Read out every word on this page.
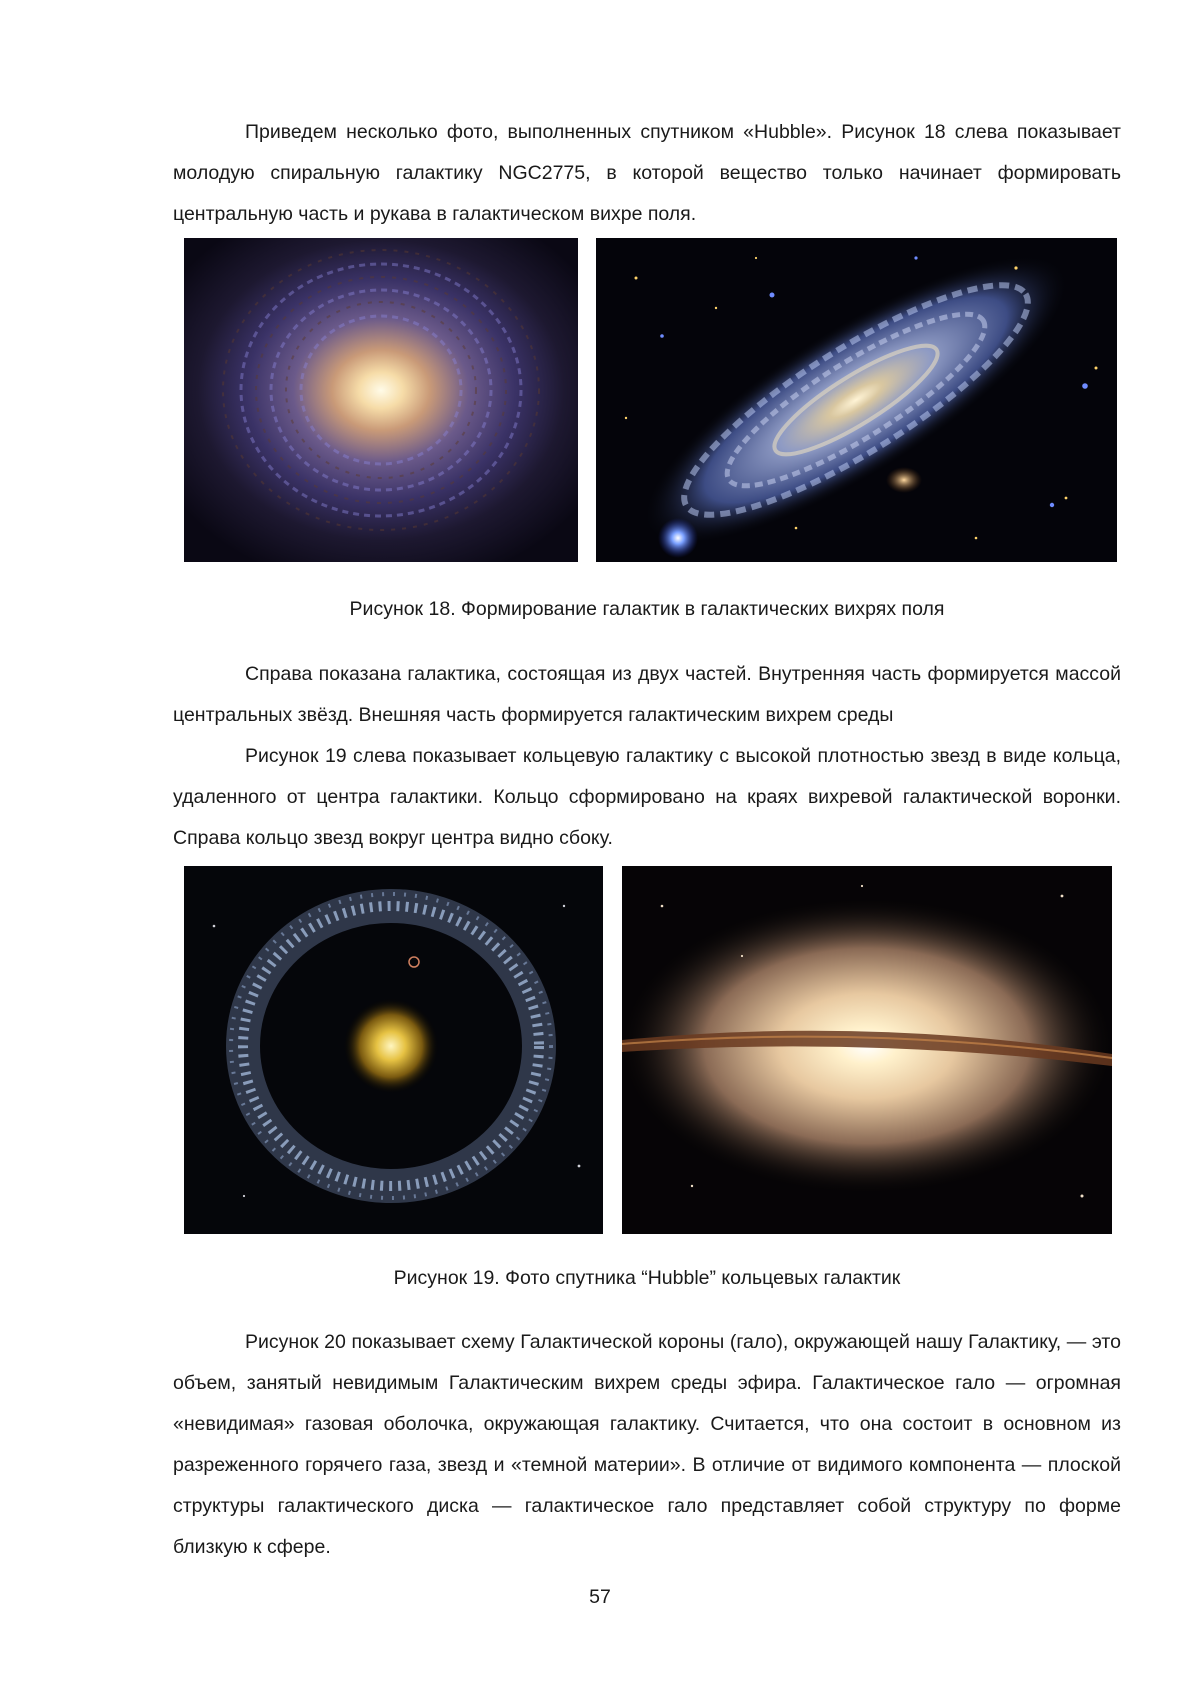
Приведем несколько фото, выполненных спутником «Hubble». Рисунок 18 слева показывает молодую спиральную галактику NGC2775, в которой вещество только начинает формировать центральную часть и рукава в галактическом вихре поля.

Рисунок 18. Формирование галактик в галактических вихрях поля

Справа показана галактика, состоящая из двух частей. Внутренняя часть формируется массой центральных звёзд. Внешняя часть формируется галактическим вихрем среды

Рисунок 19 слева показывает кольцевую галактику с высокой плотностью звезд в виде кольца, удаленного от центра галактики. Кольцо сформировано на краях вихревой галактической воронки. Справа кольцо звезд вокруг центра видно сбоку.

Рисунок 19. Фото спутника “Hubble” кольцевых галактик

Рисунок 20 показывает схему Галактической короны (гало), окружающей нашу Галактику, — это объем, занятый невидимым Галактическим вихрем среды эфира. Галактическое гало — огромная «невидимая» газовая оболочка, окружающая галактику. Считается, что она состоит в основном из разреженного горячего газа, звезд и «темной материи». В отличие от видимого компонента — плоской структуры галактического диска — галактическое гало представляет собой структуру по форме близкую к сфере.

57
